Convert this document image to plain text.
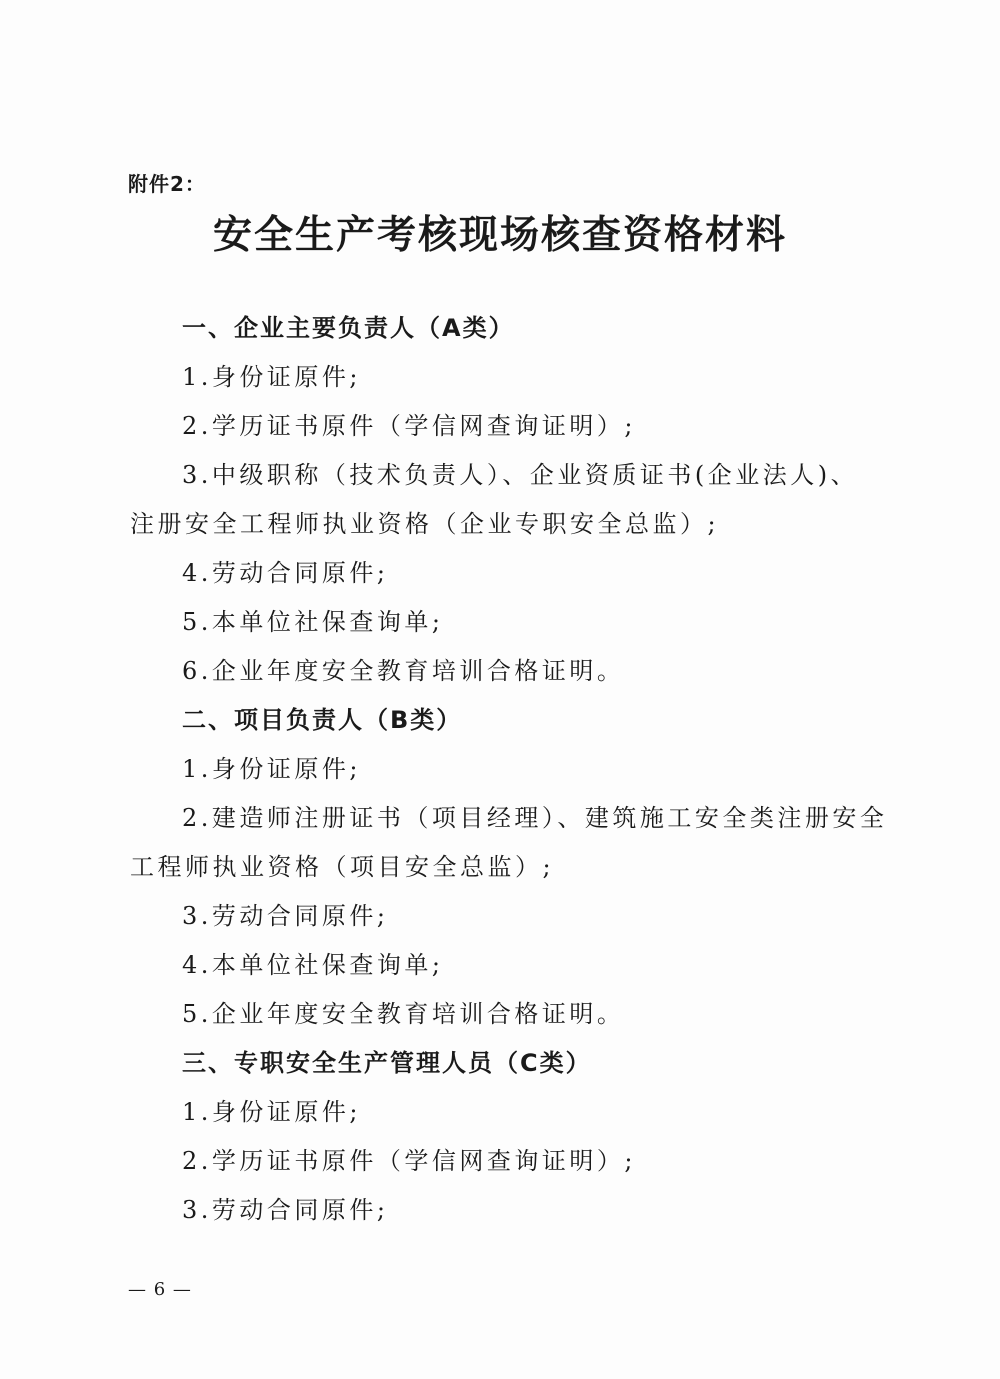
附件2：
安全生产考核现场核查资格材料
一、企业主要负责人（A类）
1.身份证原件;
2.学历证书原件（学信网查询证明）;
3.中级职称（技术负责人）、企业资质证书(企业法人)、
注册安全工程师执业资格（企业专职安全总监）;
4.劳动合同原件;
5.本单位社保查询单;
6.企业年度安全教育培训合格证明。
二、项目负责人（B类）
1.身份证原件;
2.建造师注册证书（项目经理）、建筑施工安全类注册安全
工程师执业资格（项目安全总监）;
3.劳动合同原件;
4.本单位社保查询单;
5.企业年度安全教育培训合格证明。
三、专职安全生产管理人员（C类）
1.身份证原件;
2.学历证书原件（学信网查询证明）;
3.劳动合同原件;
— 6 —
